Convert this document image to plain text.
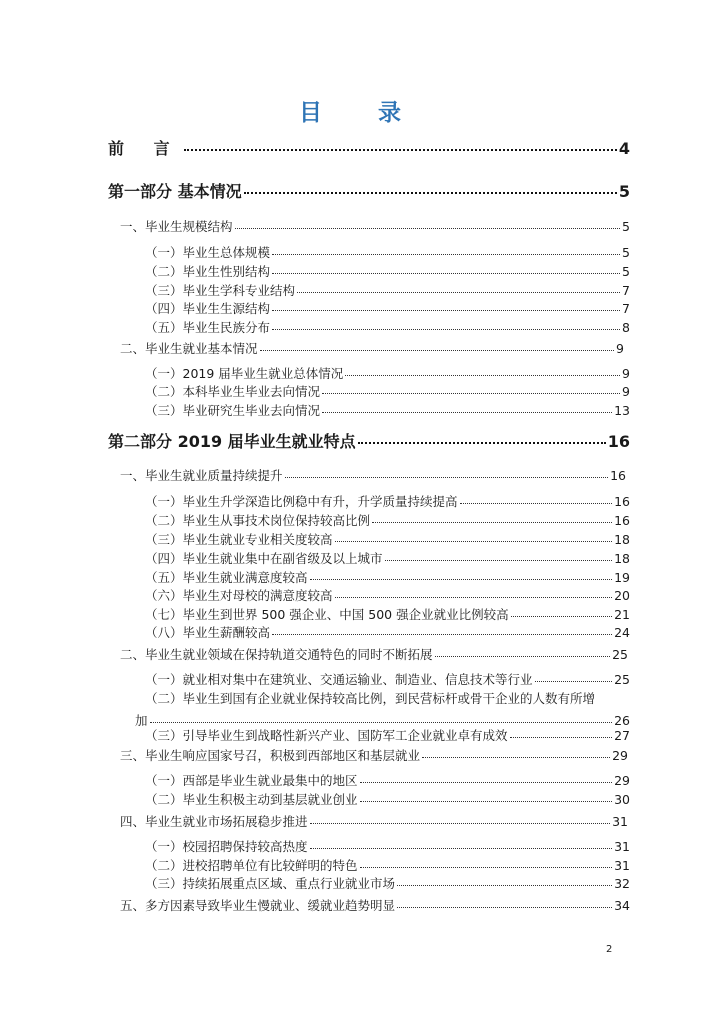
目 录
前 言	4
第一部分 基本情况	5
一、毕业生规模结构	5
（一）毕业生总体规模	5
（二）毕业生性别结构	5
（三）毕业生学科专业结构	7
（四）毕业生生源结构	7
（五）毕业生民族分布	8
二、毕业生就业基本情况	9
（一）2019 届毕业生就业总体情况	9
（二）本科毕业生毕业去向情况	9
（三）毕业研究生毕业去向情况	13
第二部分 2019 届毕业生就业特点	16
一、毕业生就业质量持续提升	16
（一）毕业生升学深造比例稳中有升，升学质量持续提高	16
（二）毕业生从事技术岗位保持较高比例	16
（三）毕业生就业专业相关度较高	18
（四）毕业生就业集中在副省级及以上城市	18
（五）毕业生就业满意度较高	19
（六）毕业生对母校的满意度较高	20
（七）毕业生到世界 500 强企业、中国 500 强企业就业比例较高	21
（八）毕业生薪酬较高	24
二、毕业生就业领域在保持轨道交通特色的同时不断拓展	25
（一）就业相对集中在建筑业、交通运输业、制造业、信息技术等行业	25
（二）毕业生到国有企业就业保持较高比例，到民营标杆或骨干企业的人数有所增
加	26
（三）引导毕业生到战略性新兴产业、国防军工企业就业卓有成效	27
三、毕业生响应国家号召，积极到西部地区和基层就业	29
（一）西部是毕业生就业最集中的地区	29
（二）毕业生积极主动到基层就业创业	30
四、毕业生就业市场拓展稳步推进	31
（一）校园招聘保持较高热度	31
（二）进校招聘单位有比较鲜明的特色	31
（三）持续拓展重点区域、重点行业就业市场	32
五、多方因素导致毕业生慢就业、缓就业趋势明显	34
2
